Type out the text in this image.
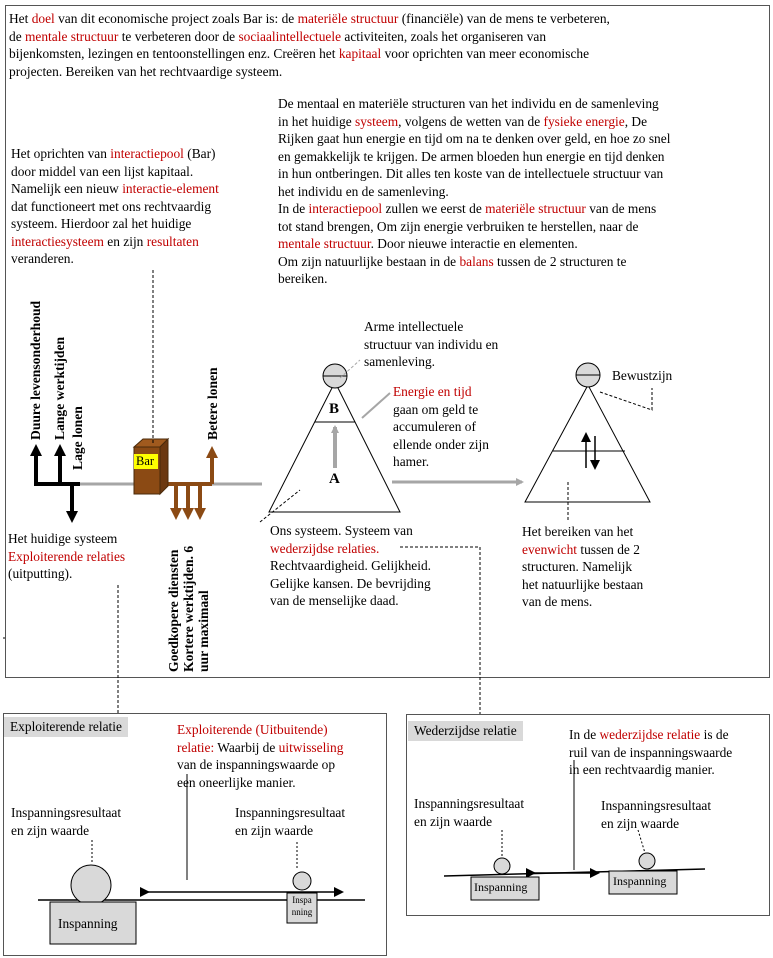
Het doel van dit economische project zoals Bar is: de materiële structuur (financiële) van de mens te verbeteren,
de mentale structuur te verbeteren door de sociaalintellectuele activiteiten, zoals het organiseren van
bijenkomsten, lezingen en tentoonstellingen enz. Creëren het kapitaal voor oprichten van meer economische
projecten. Bereiken van het rechtvaardige systeem.
De mentaal en materiële structuren van het individu en de samenleving
in het huidige systeem, volgens de wetten van de fysieke energie, De
Rijken gaat hun energie en tijd om na te denken over geld, en hoe zo snel
en gemakkelijk te krijgen. De armen bloeden hun energie en tijd denken
in hun ontberingen. Dit alles ten koste van de intellectuele structuur van
het individu en de samenleving.
In de interactiepool zullen we eerst de materiële structuur van de mens
tot stand brengen, Om zijn energie verbruiken te herstellen, naar de
mentale structuur. Door nieuwe interactie en elementen.
Om zijn natuurlijke bestaan in de balans tussen de 2 structuren te
bereiken.
Het oprichten van interactiepool (Bar)
door middel van een lijst kapitaal.
Namelijk een nieuw interactie-element
dat functioneert met ons rechtvaardig
systeem. Hierdoor zal het huidige
interactiesysteem en zijn resultaten
veranderen.
Duure levensonderhoud Lange werktijden Lage lonen	Betere lonen
Goedkopere diensten Kortere werktijden. 6 uur maximaal
Bar
Arme intellectuele
structuur van individu en
samenleving.
Energie en tijd
gaan om geld te
accumuleren of
ellende onder zijn
hamer.
B
A
Bewustzijn
Het huidige systeem
Exploiterende relaties
(uitputting).
Ons systeem. Systeem van
wederzijdse relaties.
Rechtvaardigheid. Gelijkheid.
Gelijke kansen. De bevrijding
van de menselijke daad.
Het bereiken van het
evenwicht tussen de 2
structuren. Namelijk
het natuurlijke bestaan
van de mens.
Exploiterende relatie	Exploiterende (Uitbuitende)
relatie: Waarbij de uitwisseling
van de inspanningswaarde op
een oneerlijke manier.
Inspanningsresultaat
en zijn waarde
Inspanningsresultaat
en zijn waarde
Inspanning
Inspa
nning
Wederzijdse relatie	In de wederzijdse relatie is de
ruil van de inspanningswaarde
in een rechtvaardig manier.
Inspanningsresultaat
en zijn waarde
Inspanningsresultaat
en zijn waarde
Inspanning	Inspanning
